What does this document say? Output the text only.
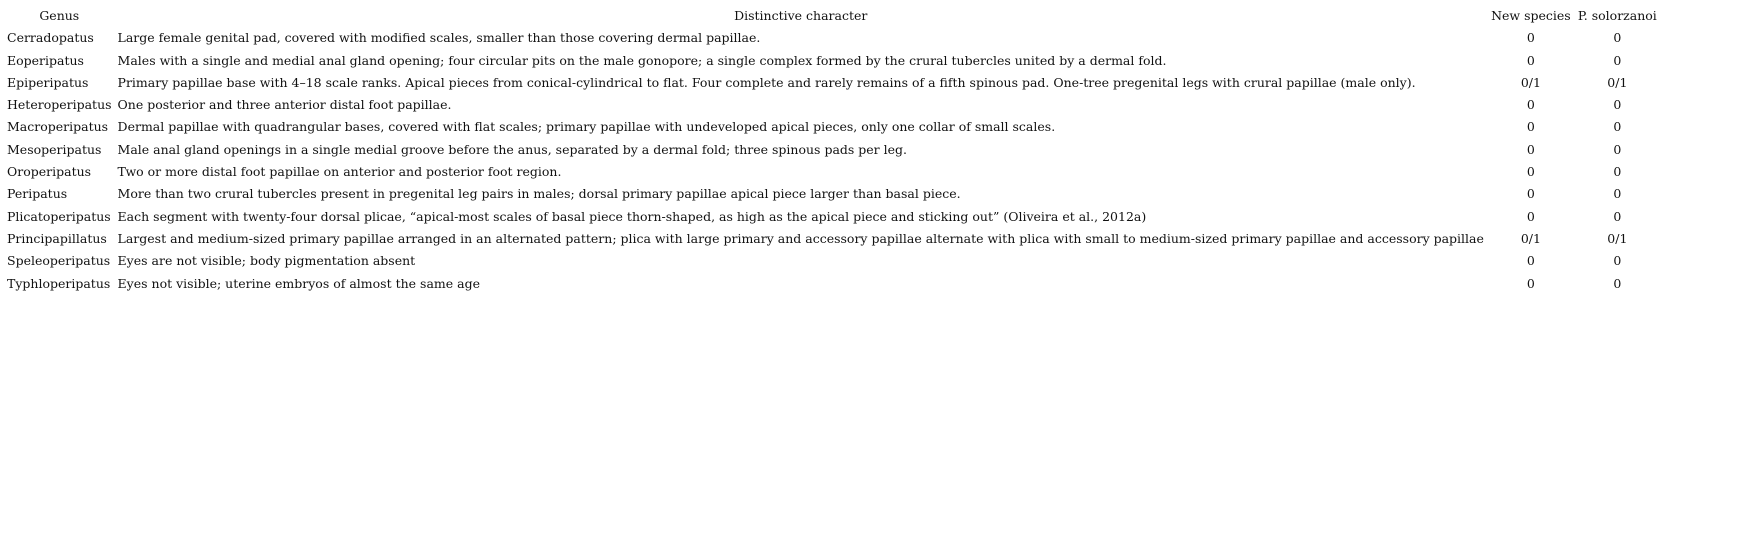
Genus	Distinctive character	New species	P. solorzanoi
Cerradopatus	Large female genital pad, covered with modified scales, smaller than those covering dermal papillae.	0	0
Eoperipatus	Males with a single and medial anal gland opening; four circular pits on the male gonopore; a single complex formed by the crural tubercles united by a dermal fold.	0	0
Epiperipatus	Primary papillae base with 4–18 scale ranks. Apical pieces from conical-cylindrical to flat. Four complete and rarely remains of a fifth spinous pad. One-tree pregenital legs with crural papillae (male only).	0/1	0/1
Heteroperipatus	One posterior and three anterior distal foot papillae.	0	0
Macroperipatus	Dermal papillae with quadrangular bases, covered with flat scales; primary papillae with undeveloped apical pieces, only one collar of small scales.	0	0
Mesoperipatus	Male anal gland openings in a single medial groove before the anus, separated by a dermal fold; three spinous pads per leg.	0	0
Oroperipatus	Two or more distal foot papillae on anterior and posterior foot region.	0	0
Peripatus	More than two crural tubercles present in pregenital leg pairs in males; dorsal primary papillae apical piece larger than basal piece.	0	0
Plicatoperipatus	Each segment with twenty-four dorsal plicae, “apical-most scales of basal piece thorn-shaped, as high as the apical piece and sticking out” (Oliveira et al., 2012a)	0	0
Principapillatus	Largest and medium-sized primary papillae arranged in an alternated pattern; plica with large primary and accessory papillae alternate with plica with small to medium-sized primary papillae and accessory papillae	0/1	0/1
Speleoperipatus	Eyes are not visible; body pigmentation absent	0	0
Typhloperipatus	Eyes not visible; uterine embryos of almost the same age	0	0
